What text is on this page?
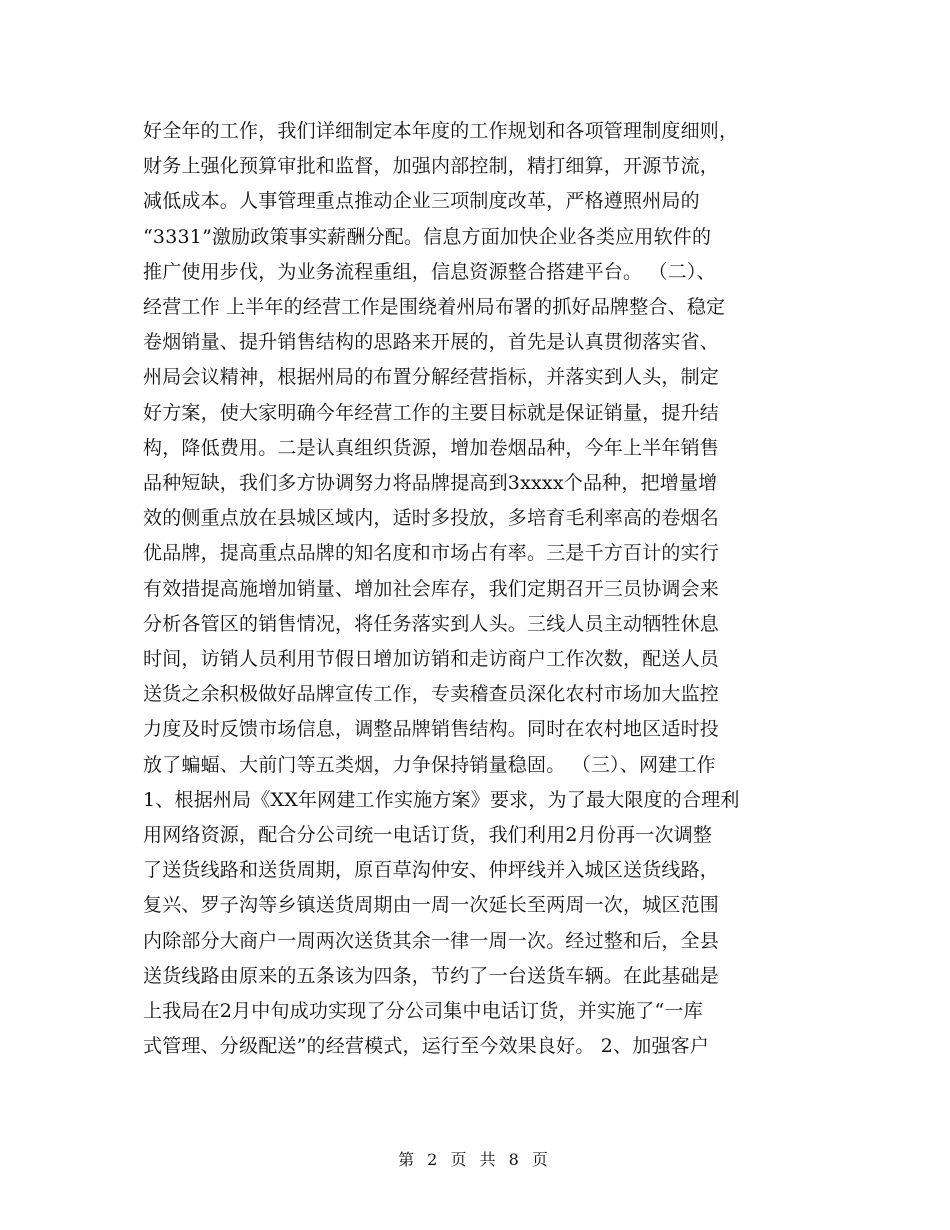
好全年的工作，我们详细制定本年度的工作规划和各项管理制度细则，
财务上强化预算审批和监督，加强内部控制，精打细算，开源节流，
减低成本。人事管理重点推动企业三项制度改革，严格遵照州局的
“3331”激励政策事实薪酬分配。信息方面加快企业各类应用软件的
推广使用步伐，为业务流程重组，信息资源整合搭建平台。 （二）、
经营工作 上半年的经营工作是围绕着州局布署的抓好品牌整合、稳定
卷烟销量、提升销售结构的思路来开展的，首先是认真贯彻落实省、
州局会议精神，根据州局的布置分解经营指标，并落实到人头，制定
好方案，使大家明确今年经营工作的主要目标就是保证销量，提升结
构，降低费用。二是认真组织货源，增加卷烟品种，今年上半年销售
品种短缺，我们多方协调努力将品牌提高到3xxxx个品种，把增量增
效的侧重点放在县城区域内，适时多投放，多培育毛利率高的卷烟名
优品牌，提高重点品牌的知名度和市场占有率。三是千方百计的实行
有效措提高施增加销量、增加社会库存，我们定期召开三员协调会来
分析各管区的销售情况，将任务落实到人头。三线人员主动牺牲休息
时间，访销人员利用节假日增加访销和走访商户工作次数，配送人员
送货之余积极做好品牌宣传工作，专卖稽查员深化农村市场加大监控
力度及时反馈市场信息，调整品牌销售结构。同时在农村地区适时投
放了蝙蝠、大前门等五类烟，力争保持销量稳固。 （三）、网建工作
1、根据州局《XX年网建工作实施方案》要求，为了最大限度的合理利
用网络资源，配合分公司统一电话订货，我们利用2月份再一次调整
了送货线路和送货周期，原百草沟仲安、仲坪线并入城区送货线路，
复兴、罗子沟等乡镇送货周期由一周一次延长至两周一次，城区范围
内除部分大商户一周两次送货其余一律一周一次。经过整和后，全县
送货线路由原来的五条该为四条，节约了一台送货车辆。在此基础是
上我局在2月中旬成功实现了分公司集中电话订货，并实施了“一库
式管理、分级配送”的经营模式，运行至今效果良好。 2、加强客户
第 2 页 共 8 页
